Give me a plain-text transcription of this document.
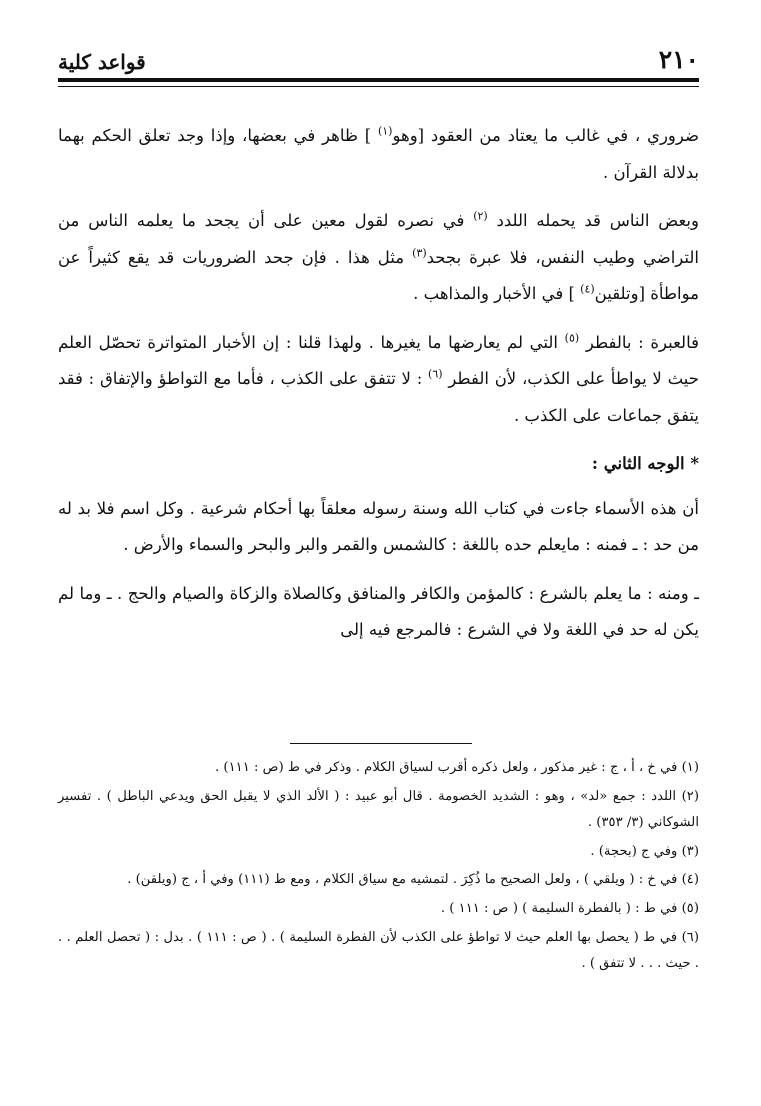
٢١٠
قواعد كلية

ضروري ، في غالب ما يعتاد من العقود [وهو$^{(١)}$ ] ظاهر في بعضها، وإذا وجد تعلق الحكم بهما بدلالة القرآن .

وبعض الناس قد يحمله اللدد $^{(٢)}$ في نصره لقول معين على أن يجحد ما يعلمه الناس من التراضي وطيب النفس، فلا عبرة بجحد$^{(٣)}$ مثل هذا . فإن جحد الضروريات قد يقع كثيراً عن مواطأة [وتلقين$^{(٤)}$ ] في الأخبار والمذاهب .

فالعبرة : بالفطر $^{(٥)}$ التي لم يعارضها ما يغيرها . ولهذا قلنا : إن الأخبار المتواترة تحصّل العلم حيث لا يواطأ على الكذب، لأن الفطر $^{(٦)}$ : لا تتفق على الكذب ، فأما مع التواطؤ والإتفاق : فقد يتفق جماعات على الكذب .

* الوجه الثاني :

أن هذه الأسماء جاءت في كتاب الله وسنة رسوله معلقاً بها أحكام شرعية . وكل اسم فلا بد له من حد : ـ فمنه : مايعلم حده باللغة : كالشمس والقمر والبر والبحر والسماء والأرض .

ـ ومنه : ما يعلم بالشرع : كالمؤمن والكافر والمنافق وكالصلاة والزكاة والصيام والحج . ـ وما لم يكن له حد في اللغة ولا في الشرع : فالمرجع فيه إلى

(١) في خ ، أ ، ج : غير مذكور ، ولعل ذكره أقرب لسياق الكلام . وذكر في ط (ص : ١١١) .

(٢) اللدد : جمع «لد» ، وهو : الشديد الخصومة . قال أبو عبيد : ( الألد الذي لا يقبل الحق ويدعي الباطل ) . تفسير الشوكاني (٣/ ٣٥٣) .

(٣) وفي ج (بحجة) .

(٤) في خ : ( ويلقي ) ، ولعل الصحيح ما ذُكِرَ . لتمشيه مع سياق الكلام ، ومع ط (١١١) وفي أ ، ج (ويلقن) .

(٥) في ط : ( بالفطرة السليمة ) ( ص : ١١١ ) .

(٦) في ط ( يحصل بها العلم حيث لا تواطؤ على الكذب لأن الفطرة السليمة ) . ( ص : ١١١ ) . بدل : ( تحصل العلم . . . حيث . . . لا تتفق ) .
